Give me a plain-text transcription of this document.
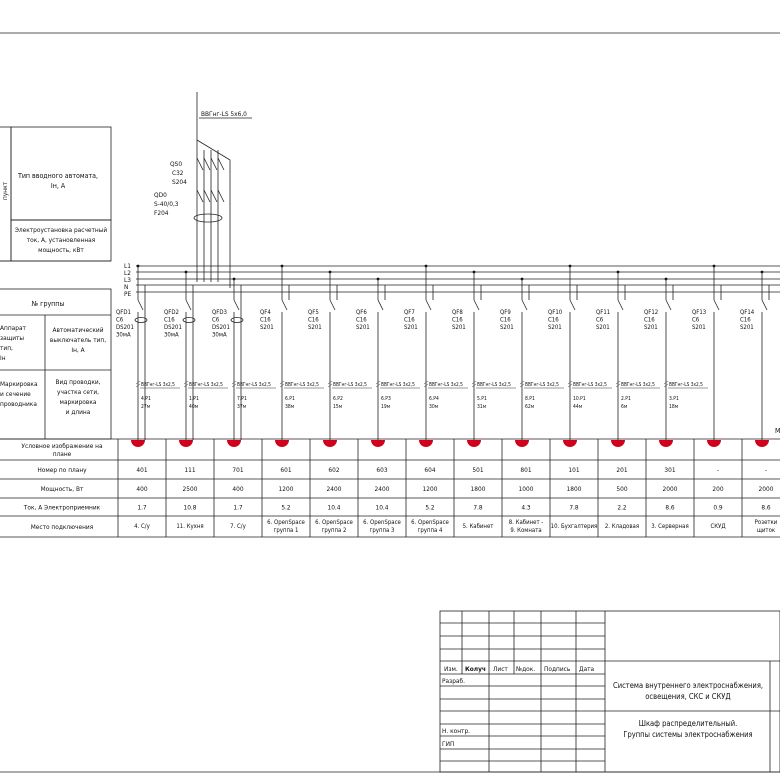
пункт
Тип вводного автомата,
Iн, А
Электроустановка расчетный
ток, А, установленная
мощность, кВт
№ группы
Аппарат
защиты
тип,
Iн
Автоматический
выключатель тип,
Iн, А
Маркировка
и сечение
проводника
Вид проводки,
участка сети,
маркировка
и длина
ВВГнг-LS 5х6,0
QS0
C32
S204
QD0
S-40/0,3
F204
L1
L2
L3
N
PE
QFD1
C6
DS201
30мA
ВВГнг-LS 3х2,5
4.Р1
27м
QFD2
C16
DS201
30мA
ВВГнг-LS 3х2,5
1.Р1
40м
QFD3
C6
DS201
30мA
ВВГнг-LS 3х2,5
7.Р1
37м
QF4
C16
S201
ВВГнг-LS 3х2,5
6.Р1
38м
QF5
C16
S201
ВВГнг-LS 3х2,5
6.Р2
15м
QF6
C16
S201
ВВГнг-LS 3х2,5
6.Р3
19м
QF7
C16
S201
ВВГнг-LS 3х2,5
6.Р4
30м
QF8
C16
S201
ВВГнг-LS 3х2,5
5.Р1
31м
QF9
C16
S201
ВВГнг-LS 3х2,5
8.Р1
62м
QF10
C16
S201
ВВГнг-LS 3х2,5
10.Р1
44м
QF11
C6
S201
ВВГнг-LS 3х2,5
2.Р1
6м
QF12
C16
S201
ВВГнг-LS 3х2,5
3.Р1
18м
QF13
C6
S201
QF14
C16
S201
М
Условное изображение на
плане
Номер по плану
Мощность, Вт
Ток, А Электроприемник
Место подключения
401
400
1.7
4. С/у
111
2500
10.8
11. Кухня
701
400
1.7
7. С/у
601
1200
5.2
6. OpenSpace
группа 1
602
2400
10.4
6. OpenSpace
группа 2
603
2400
10.4
6. OpenSpace
группа 3
604
1200
5.2
6. OpenSpace
группа 4
501
1800
7.8
5. Кабинет
801
1000
4.3
8. Кабинет -
9. Комната
101
1800
7.8
10. Бухгалтерия
201
500
2.2
2. Кладовая
301
2000
8.6
3. Серверная
-
200
0.9
СКУД
-
2000
8.6
Розетки
щиток
Изм. Колуч Лист №док. Подпись Дата
Разраб.
Н. контр.
ГИП
Система внутреннего электроснабжения,
освещения, СКС и СКУД
Шкаф распределительный.
Группы системы электроснабжения
